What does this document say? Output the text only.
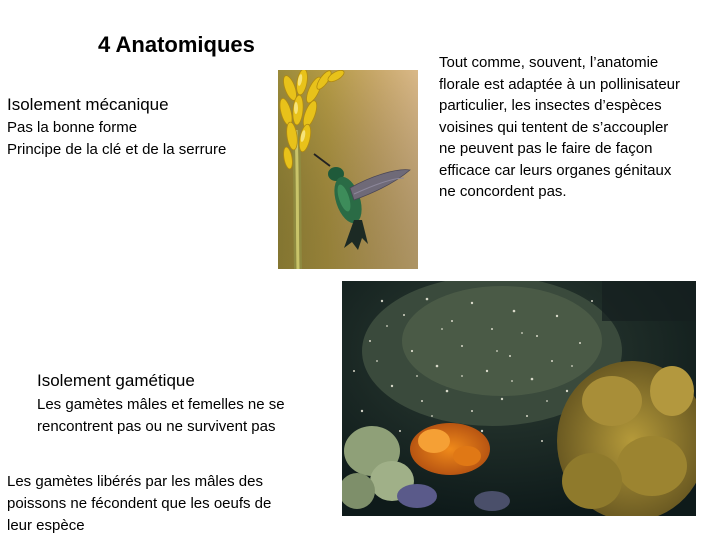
4 Anatomiques
Isolement mécanique
Pas la bonne forme
Principe de la clé et de la serrure
Tout comme, souvent, l’anatomie
florale est adaptée à un pollinisateur
particulier, les insectes d’espèces
voisines qui tentent de s’accoupler
ne peuvent pas le faire de façon
efficace car leurs organes génitaux
ne concordent pas.
Isolement gamétique
Les gamètes mâles et femelles ne se
rencontrent pas ou ne survivent pas
Les gamètes libérés par les mâles des
poissons ne fécondent que les oeufs de
leur espèce
